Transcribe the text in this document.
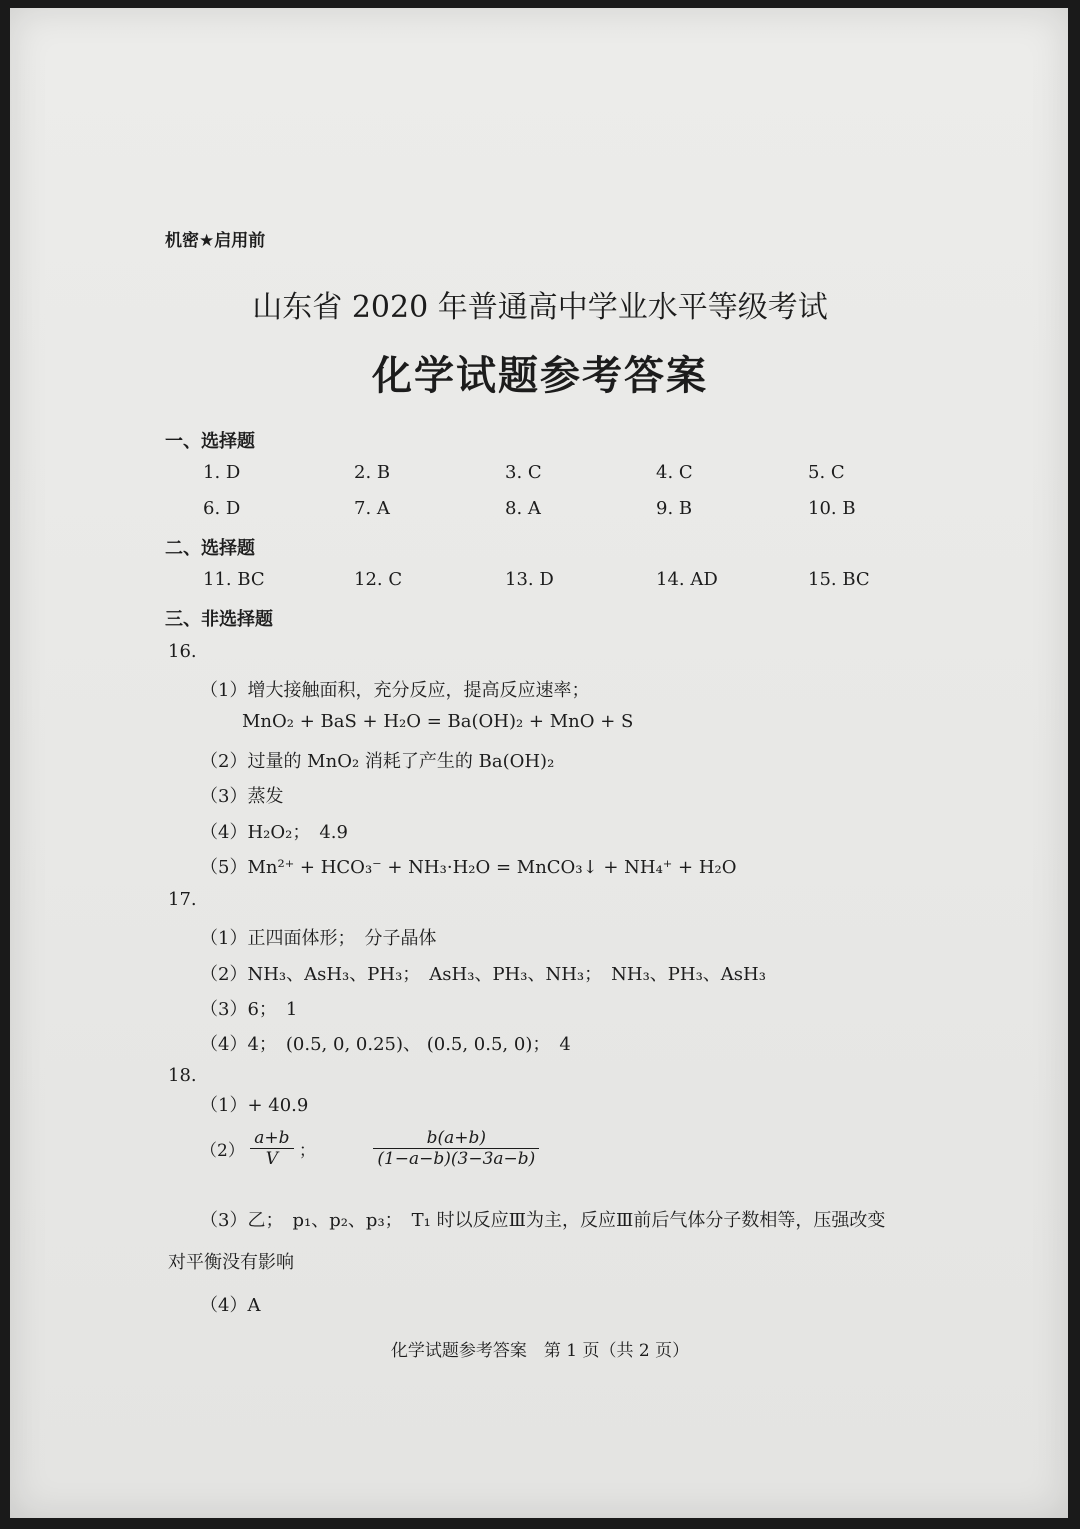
机密★启用前
山东省 2020 年普通高中学业水平等级考试
化学试题参考答案
一、选择题
1. D	2. B	3. C	4. C	5. C
6. D	7. A	8. A	9. B	10. B
二、选择题
11. BC	12. C	13. D	14. AD	15. BC
三、非选择题
16.
（1）增大接触面积，充分反应，提高反应速率；
MnO₂ + BaS + H₂O = Ba(OH)₂ + MnO + S
（2）过量的 MnO₂ 消耗了产生的 Ba(OH)₂
（3）蒸发
（4）H₂O₂；　4.9
（5）Mn²⁺ + HCO₃⁻ + NH₃·H₂O = MnCO₃↓ + NH₄⁺ + H₂O
17.
（1）正四面体形；　分子晶体
（2）NH₃、AsH₃、PH₃；　AsH₃、PH₃、NH₃；　NH₃、PH₃、AsH₃
（3）6；　1
（4）4；　(0.5, 0, 0.25)、 (0.5, 0.5, 0)；　4
18.
（1）+ 40.9
$(2) \frac{a+b}{V}$ ；	$\frac{b(a+b)}{(1-a-b)(3-3a-b)}$
（3）乙；　p₁、p₂、p₃；　T₁ 时以反应Ⅲ为主，反应Ⅲ前后气体分子数相等，压强改变
对平衡没有影响
（4）A
化学试题参考答案　第 1 页（共 2 页）
